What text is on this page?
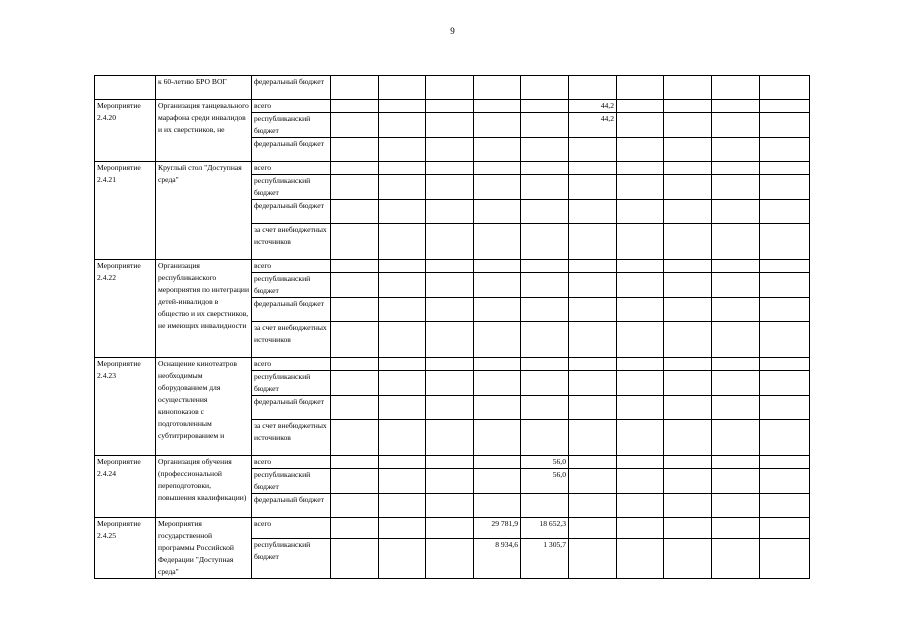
9
	к 60-летию БРО ВОГ	федеральный бюджет										
Мероприятие 2.4.20	Организация танцевального марафона среди инвалидов и их сверстников, не	всего						44,2				
		республиканский бюджет						44,2				
		федеральный бюджет										
Мероприятие 2.4.21	Круглый стол "Доступная среда"	всего										
		республиканский бюджет										
		федеральный бюджет										
		за счет внебюджетных источников										
Мероприятие 2.4.22	Организация республиканского мероприятия по интеграции детей-инвалидов в общество и их сверстников, не имеющих инвалидности	всего										
		республиканский бюджет										
		федеральный бюджет										
		за счет внебюджетных источников										
Мероприятие 2.4.23	Оснащение кинотеатров необходимым оборудованием для осуществления кинопоказов с подготовленным субтитрированием и	всего										
		республиканский бюджет										
		федеральный бюджет										
		за счет внебюджетных источников										
Мероприятие 2.4.24	Организация обучения (профессиональной переподготовки, повышения квалификации)	всего					56,0					
		республиканский бюджет					56,0					
		федеральный бюджет										
Мероприятие 2.4.25	Мероприятия государственной программы Российской Федерации "Доступная среда"	всего				29 781,9	18 652,3					
		республиканский бюджет				8 934,6	1 305,7					
